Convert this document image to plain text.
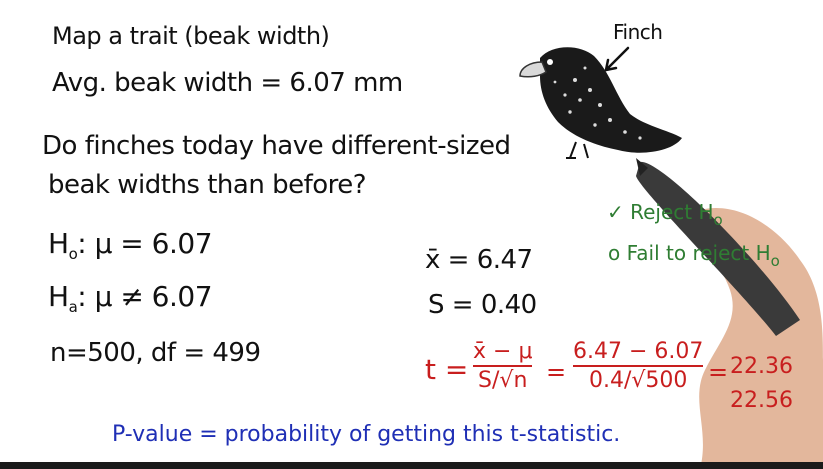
Map a trait (beak width)
Avg. beak width = 6.07 mm
Do finches today have different-sized
beak widths than before?
$H_o$: μ = 6.07
$H_a$: μ ≠ 6.07
n=500, df = 499
x̄ = 6.47
S = 0.40
Finch
✓ Reject $H_o$
o Fail to reject $H_o$
t =
x̄ − μ
S/√n =
6.47 − 6.07
0.4/√500 = 22.36
22.56
P-value = probability of getting this t-statistic.
